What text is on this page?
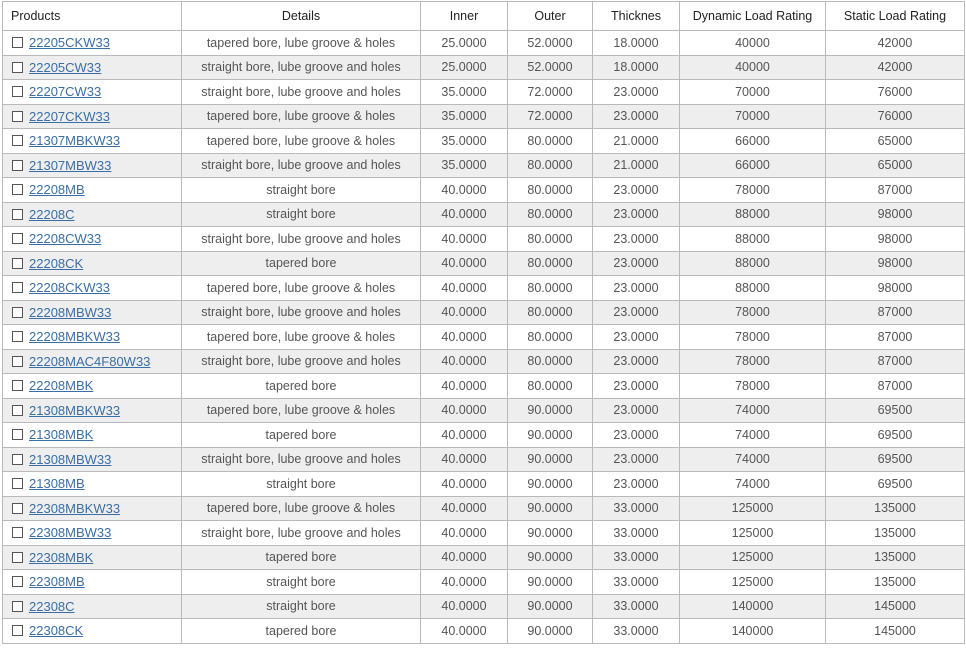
Products	Details	Inner	Outer	Thicknes	Dynamic Load Rating	Static Load Rating
22205CKW33	tapered bore, lube groove & holes	25.0000	52.0000	18.0000	40000	42000
22205CW33	straight bore, lube groove and holes	25.0000	52.0000	18.0000	40000	42000
22207CW33	straight bore, lube groove and holes	35.0000	72.0000	23.0000	70000	76000
22207CKW33	tapered bore, lube groove & holes	35.0000	72.0000	23.0000	70000	76000
21307MBKW33	tapered bore, lube groove & holes	35.0000	80.0000	21.0000	66000	65000
21307MBW33	straight bore, lube groove and holes	35.0000	80.0000	21.0000	66000	65000
22208MB	straight bore	40.0000	80.0000	23.0000	78000	87000
22208C	straight bore	40.0000	80.0000	23.0000	88000	98000
22208CW33	straight bore, lube groove and holes	40.0000	80.0000	23.0000	88000	98000
22208CK	tapered bore	40.0000	80.0000	23.0000	88000	98000
22208CKW33	tapered bore, lube groove & holes	40.0000	80.0000	23.0000	88000	98000
22208MBW33	straight bore, lube groove and holes	40.0000	80.0000	23.0000	78000	87000
22208MBKW33	tapered bore, lube groove & holes	40.0000	80.0000	23.0000	78000	87000
22208MAC4F80W33	straight bore, lube groove and holes	40.0000	80.0000	23.0000	78000	87000
22208MBK	tapered bore	40.0000	80.0000	23.0000	78000	87000
21308MBKW33	tapered bore, lube groove & holes	40.0000	90.0000	23.0000	74000	69500
21308MBK	tapered bore	40.0000	90.0000	23.0000	74000	69500
21308MBW33	straight bore, lube groove and holes	40.0000	90.0000	23.0000	74000	69500
21308MB	straight bore	40.0000	90.0000	23.0000	74000	69500
22308MBKW33	tapered bore, lube groove & holes	40.0000	90.0000	33.0000	125000	135000
22308MBW33	straight bore, lube groove and holes	40.0000	90.0000	33.0000	125000	135000
22308MBK	tapered bore	40.0000	90.0000	33.0000	125000	135000
22308MB	straight bore	40.0000	90.0000	33.0000	125000	135000
22308C	straight bore	40.0000	90.0000	33.0000	140000	145000
22308CK	tapered bore	40.0000	90.0000	33.0000	140000	145000
